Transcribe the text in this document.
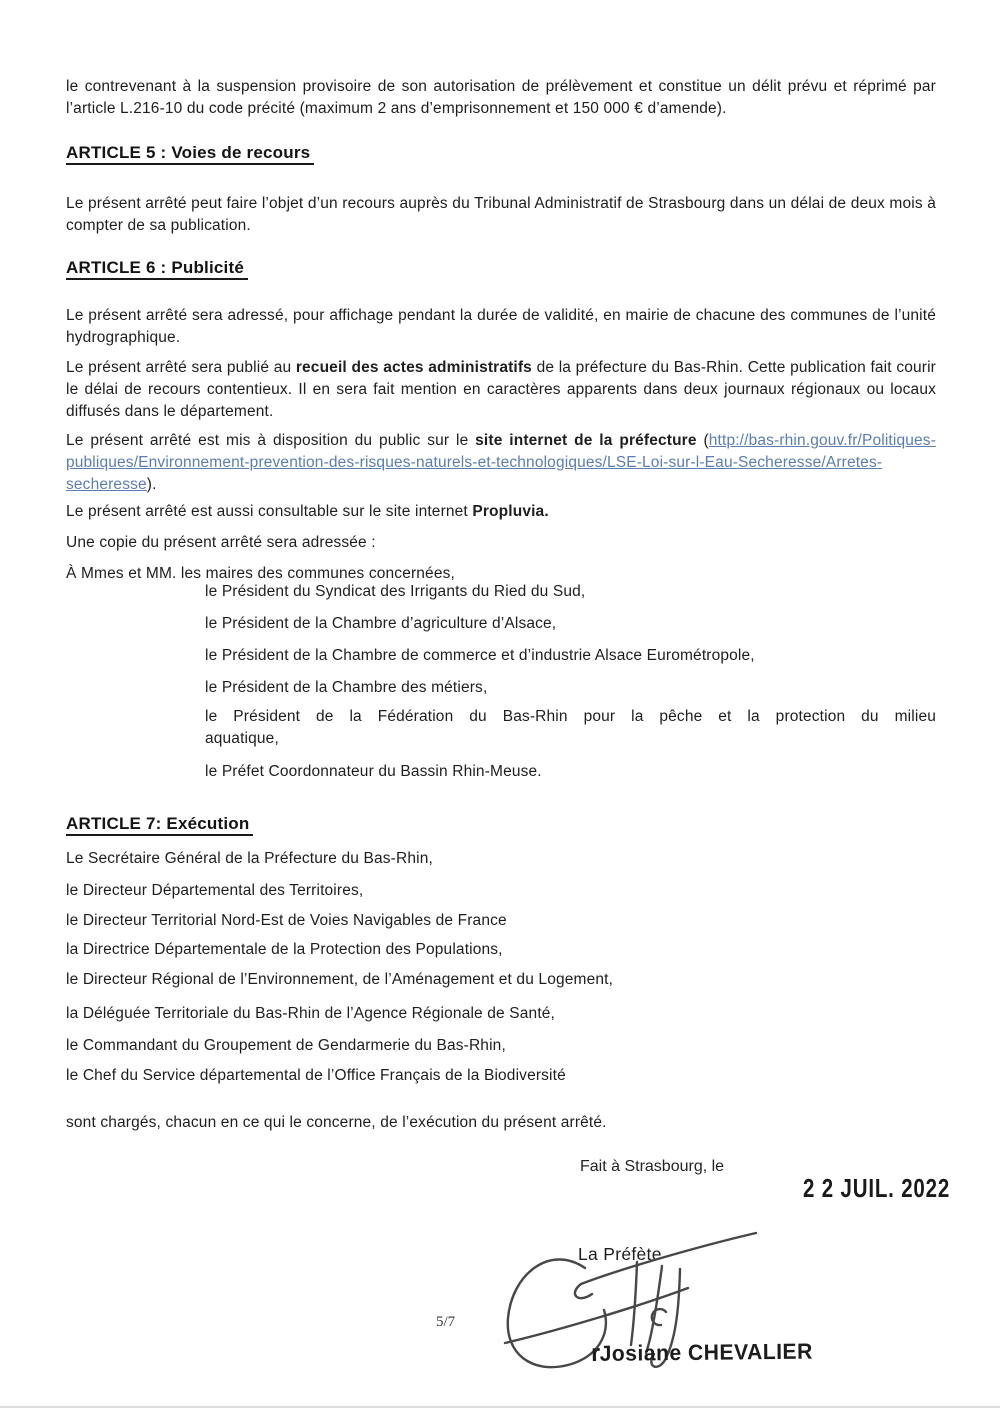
le contrevenant à la suspension provisoire de son autorisation de prélèvement et constitue un délit prévu et réprimé par l’article L.216-10 du code précité (maximum 2 ans d’emprisonnement et 150 000 € d’amende).

ARTICLE 5 : Voies de recours

Le présent arrêté peut faire l’objet d’un recours auprès du Tribunal Administratif de Strasbourg dans un délai de deux mois à compter de sa publication.

ARTICLE 6 : Publicité

Le présent arrêté sera adressé, pour affichage pendant la durée de validité, en mairie de chacune des communes de l’unité hydrographique.

Le présent arrêté sera publié au recueil des actes administratifs de la préfecture du Bas-Rhin. Cette publication fait courir le délai de recours contentieux. Il en sera fait mention en caractères apparents dans deux journaux régionaux ou locaux diffusés dans le département.

Le présent arrêté est mis à disposition du public sur le site internet de la préfecture (http://bas-rhin.gouv.fr/Politiques-publiques/Environnement-prevention-des-risques-naturels-et-technologiques/LSE-Loi-sur-l-Eau-Secheresse/Arretes-secheresse).

Le présent arrêté est aussi consultable sur le site internet Propluvia.

Une copie du présent arrêté sera adressée :

À Mmes et MM. les maires des communes concernées,

le Président du Syndicat des Irrigants du Ried du Sud,
le Président de la Chambre d’agriculture d’Alsace,
le Président de la Chambre de commerce et d’industrie Alsace Eurométropole,
le Président de la Chambre des métiers,
le Président de la Fédération du Bas-Rhin pour la pêche et la protection du milieu aquatique,
le Préfet Coordonnateur du Bassin Rhin-Meuse.
ARTICLE 7: Exécution
Le Secrétaire Général de la Préfecture du Bas-Rhin,
le Directeur Départemental des Territoires,
le Directeur Territorial Nord-Est de Voies Navigables de France
la Directrice Départementale de la Protection des Populations,
le Directeur Régional de l’Environnement, de l’Aménagement et du Logement,
la Déléguée Territoriale du Bas-Rhin de l’Agence Régionale de Santé,
le Commandant du Groupement de Gendarmerie du Bas-Rhin,
le Chef du Service départemental de l’Office Français de la Biodiversité

sont chargés, chacun en ce qui le concerne, de l’exécution du présent arrêté.

Fait à Strasbourg, le
2 2 JUIL. 2022
La Préfète
5/7
rJosiane CHEVALIER
